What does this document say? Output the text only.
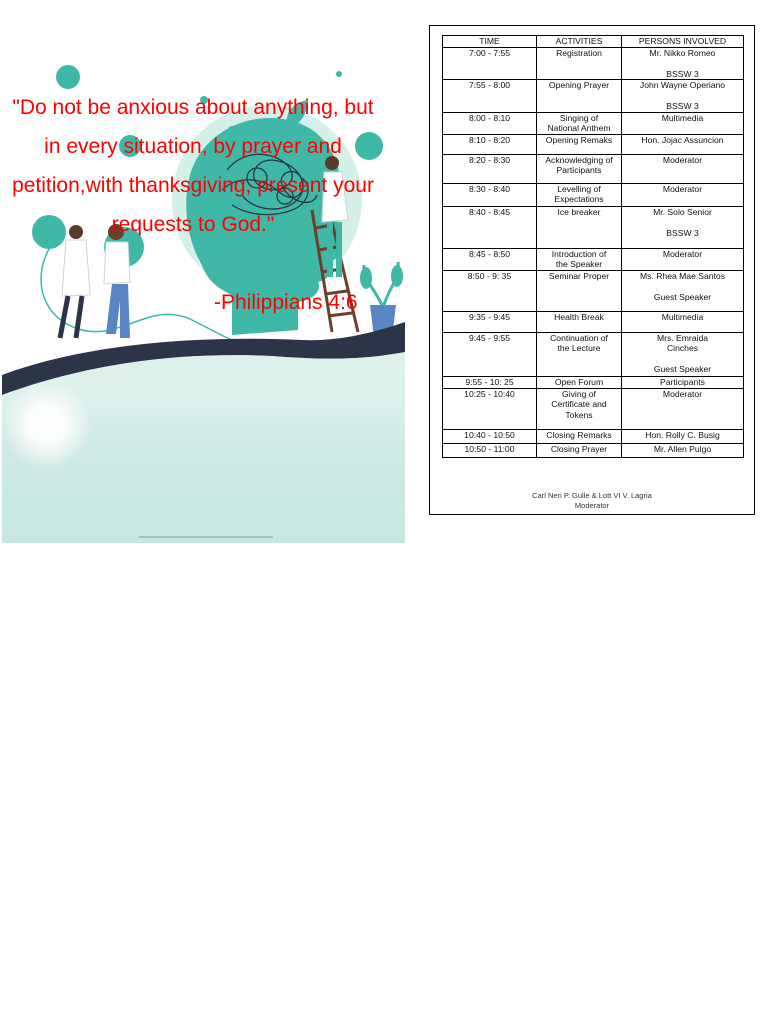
"Do not be anxious about anything, but in every situation, by prayer and petition,with thanksgiving, present your requests to God."

-Philippians 4:6

TIME	ACTIVITIES	PERSONS INVOLVED
7:00 - 7:55	Registration	Mr. Nikko Romeo

BSSW 3
7:55 - 8:00	Opening Prayer	John Wayne Operiano

BSSW 3
8:00 - 8:10	Singing of
National Anthem	Multimedia
8:10 - 8:20	Opening Remaks	Hon. Jojac Assuncion
8:20 - 8:30	Acknowledging of
Participants	Moderator
8:30 - 8:40	Levelling of
Expectations	Moderator
8:40 - 8:45	Ice breaker	Mr. Solo Senior

BSSW 3
8:45 - 8:50	Introduction of
the Speaker	Moderator
8:50 - 9: 35	Seminar Proper	Ms. Rhea Mae Santos

Guest Speaker
9:35 - 9:45	Health Break	Multimedia
9:45 - 9:55	Continuation of
the Lecture	Mrs. Emraida
Cinches

Guest Speaker
9:55 - 10: 25	Open Forum	Participants
10:25 - 10:40	Giving of
Certificate and
Tokens	Moderator
10:40 - 10:50	Closing Remarks	Hon. Rolly C. Busig
10:50 - 11:00	Closing Prayer	Mr. Allen Pulgo
Carl Neri P. Gulle & Lott VI V. Lagria
Moderator
